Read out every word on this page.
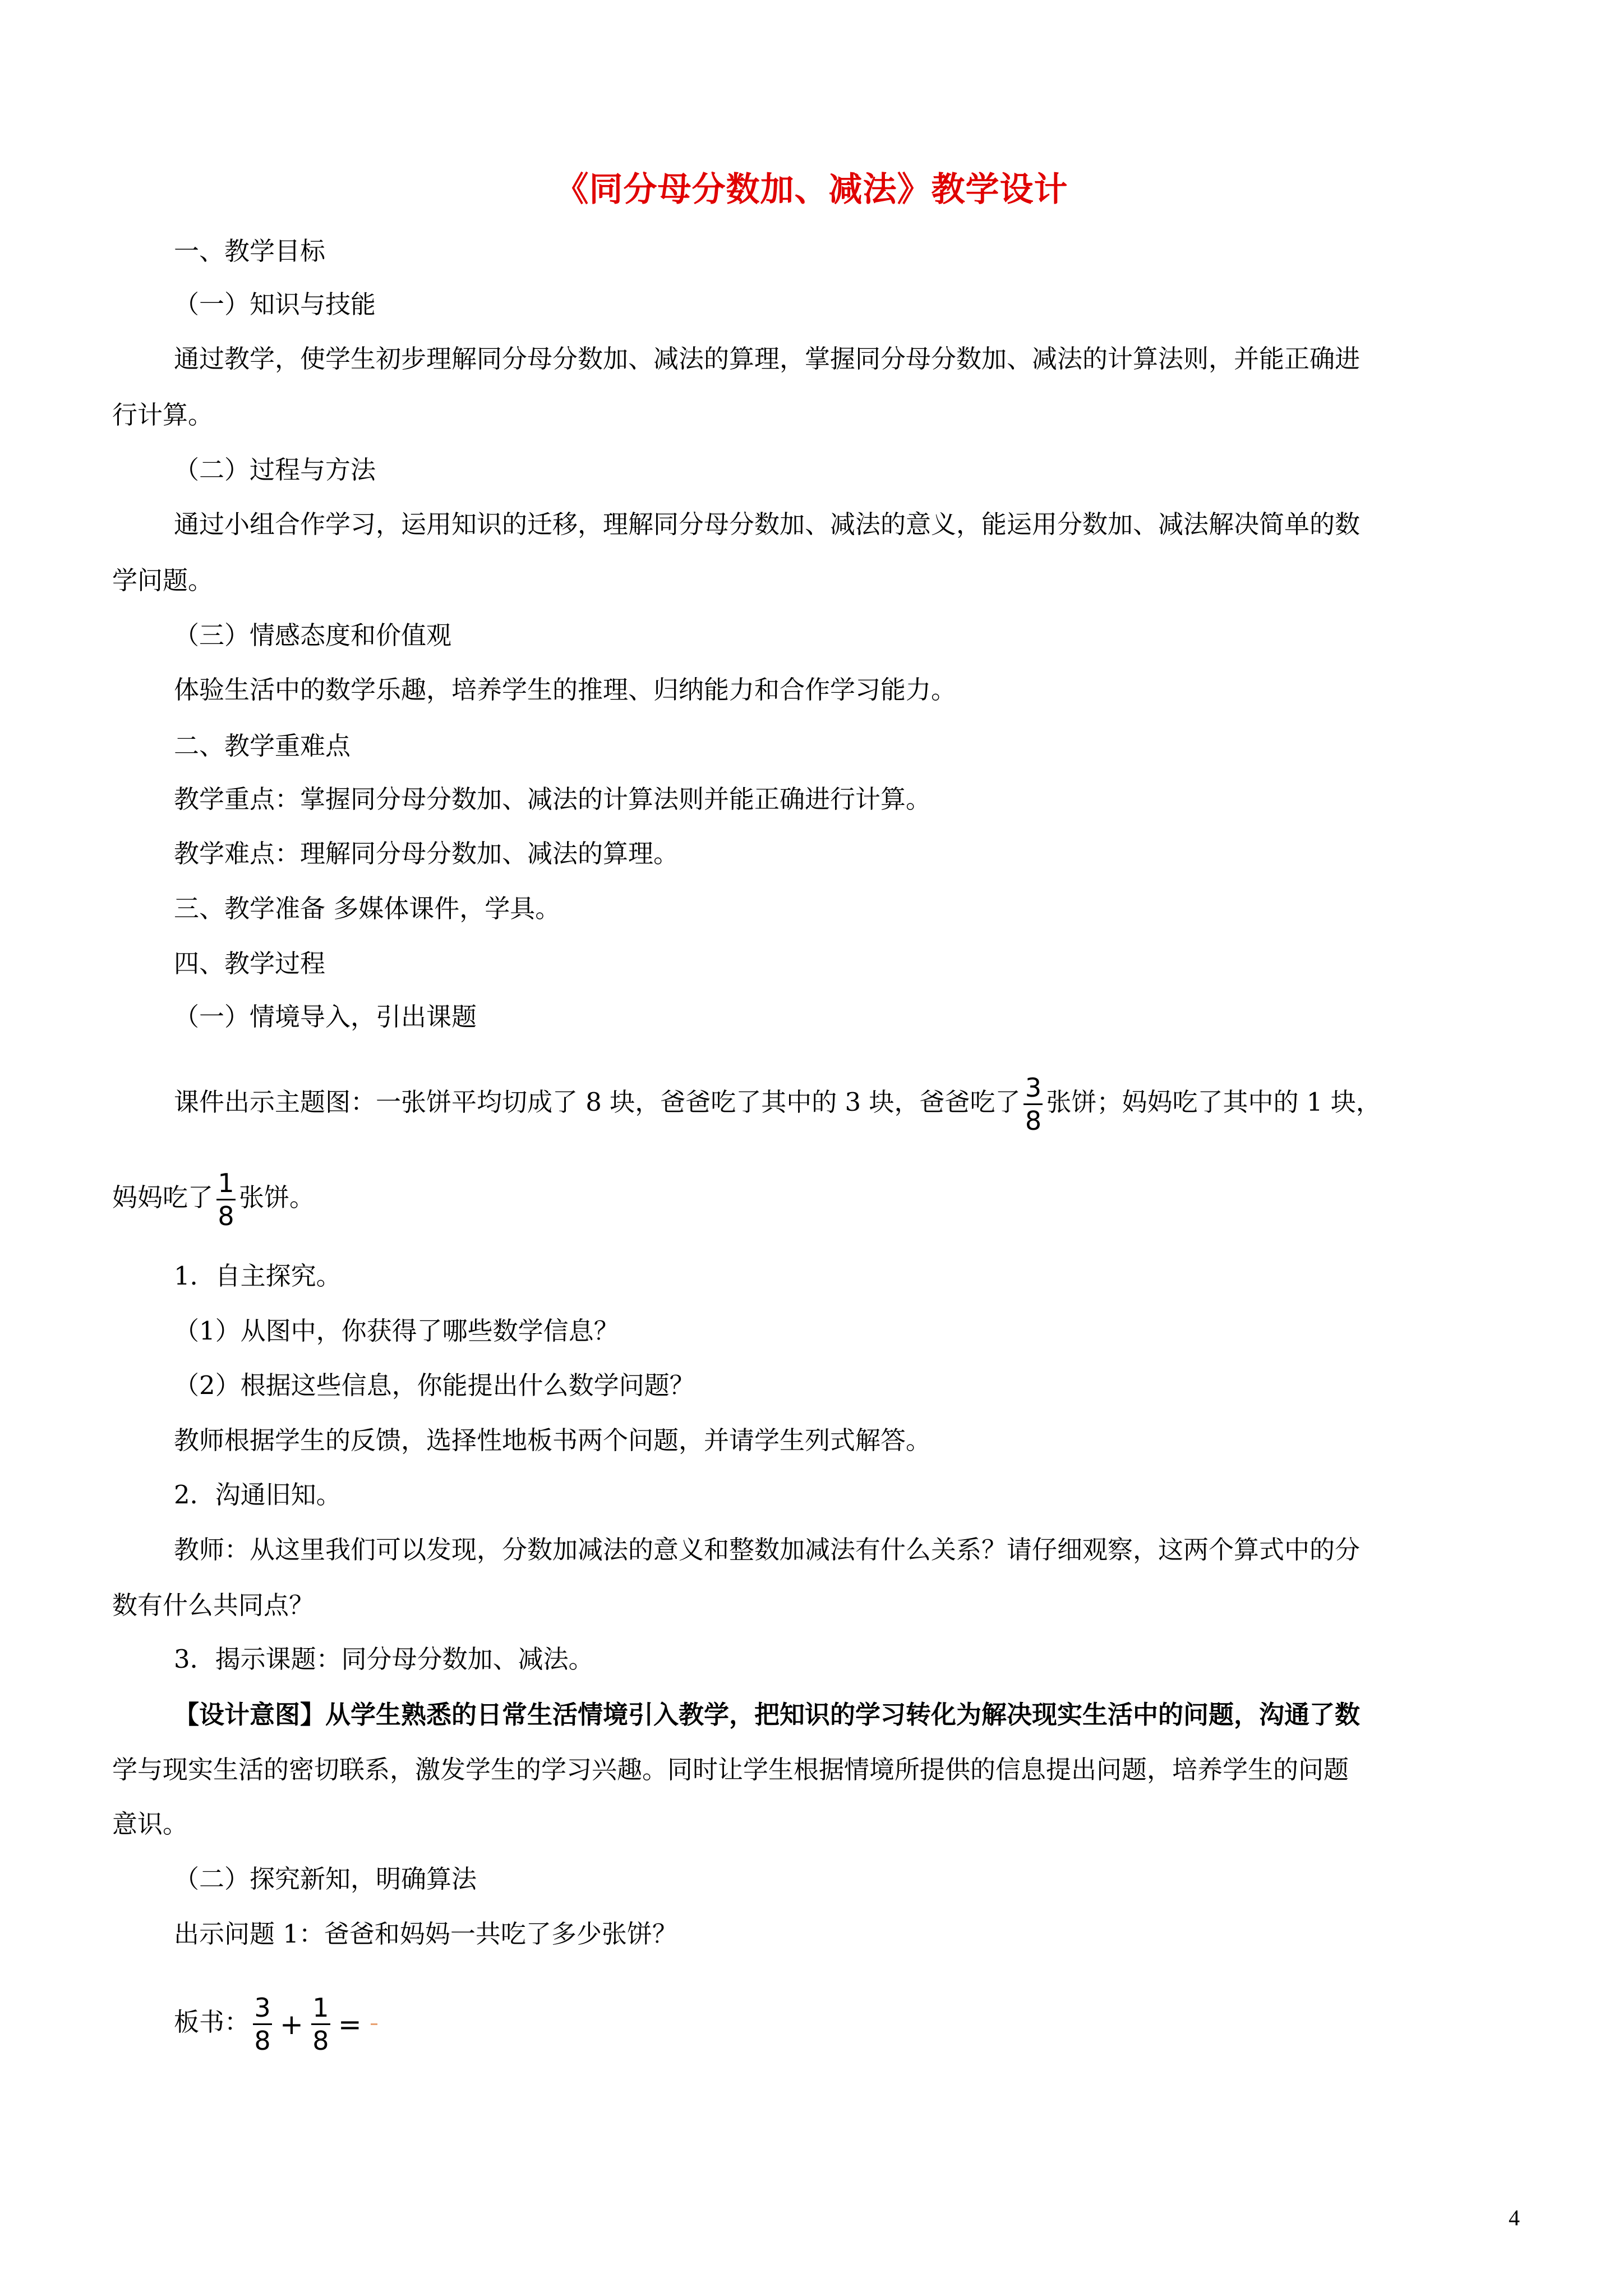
《同分母分数加、减法》教学设计
一、教学目标
（一）知识与技能
通过教学，使学生初步理解同分母分数加、减法的算理，掌握同分母分数加、减法的计算法则，并能正确进
行计算。
（二）过程与方法
通过小组合作学习，运用知识的迁移，理解同分母分数加、减法的意义，能运用分数加、减法解决简单的数
学问题。
（三）情感态度和价值观
体验生活中的数学乐趣，培养学生的推理、归纳能力和合作学习能力。
二、教学重难点
教学重点：掌握同分母分数加、减法的计算法则并能正确进行计算。
教学难点：理解同分母分数加、减法的算理。
三、教学准备 多媒体课件，学具。
四、教学过程
（一）情境导入，引出课题
课件出示主题图：一张饼平均切成了 8 块，爸爸吃了其中的 3 块，爸爸吃了 $\frac{3}{8}$ 张饼；妈妈吃了其中的 1 块，
妈妈吃了 $\frac{1}{8}$ 张饼。
1．自主探究。
（1）从图中，你获得了哪些数学信息？
（2）根据这些信息，你能提出什么数学问题？
教师根据学生的反馈，选择性地板书两个问题，并请学生列式解答。
2．沟通旧知。
教师：从这里我们可以发现，分数加减法的意义和整数加减法有什么关系？请仔细观察，这两个算式中的分
数有什么共同点？
3．揭示课题：同分母分数加、减法。
【设计意图】从学生熟悉的日常生活情境引入教学，把知识的学习转化为解决现实生活中的问题，沟通了数
学与现实生活的密切联系，激发学生的学习兴趣。同时让学生根据情境所提供的信息提出问题，培养学生的问题
意识。
（二）探究新知，明确算法
出示问题 1：爸爸和妈妈一共吃了多少张饼？
板书： $\frac{3}{8} + \frac{1}{8}$ =
4
